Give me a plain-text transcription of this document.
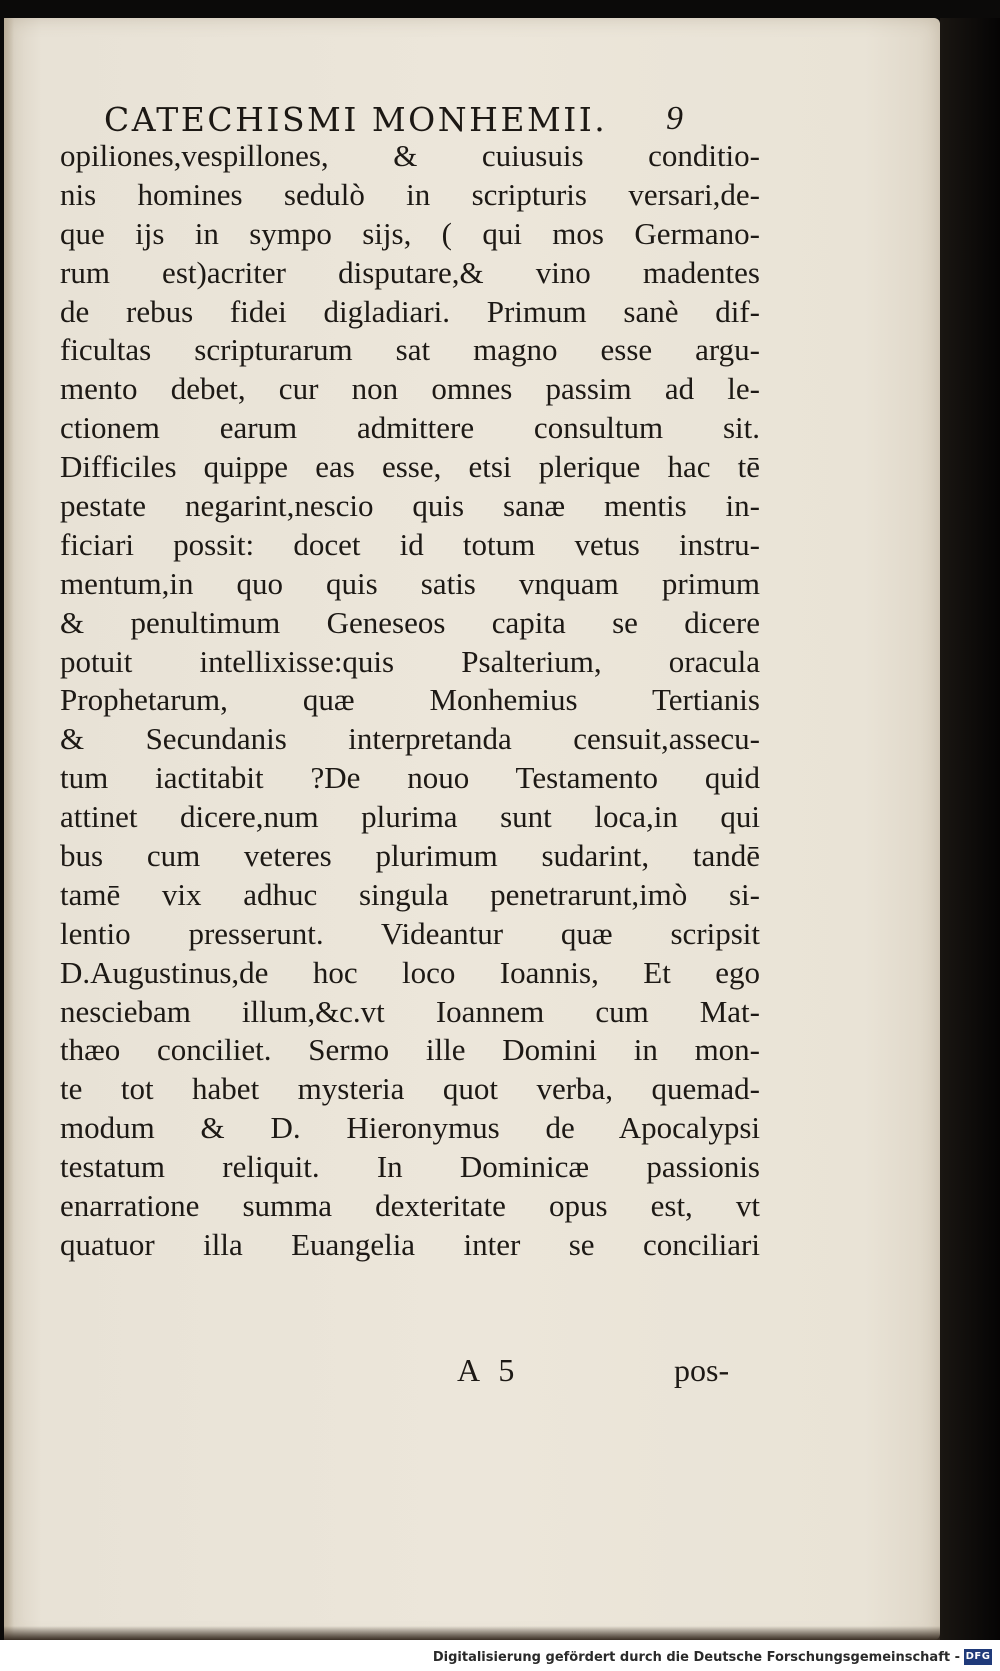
CATECHISMI MONHEMII.	9
opiliones,vespillones, & cuiusuis conditio-
nis homines sedulò in scripturis versari,de-
que ijs in sympo sijs, ( qui mos Germano-
rum est)acriter disputare,& vino madentes
de rebus fidei digladiari. Primum sanè dif-
ficultas scripturarum sat magno esse argu-
mento debet, cur non omnes passim ad le-
ctionem earum admittere consultum sit.
Difficiles quippe eas esse, etsi plerique hac tē
pestate negarint,nescio quis sanæ mentis in-
ficiari possit: docet id totum vetus instru-
mentum,in quo quis satis vnquam primum
& penultimum Geneseos capita se dicere
potuit intellixisse:quis Psalterium, oracula
Prophetarum, quæ Monhemius Tertianis
& Secundanis interpretanda censuit,assecu-
tum iactitabit ?De nouo Testamento quid
attinet dicere,num plurima sunt loca,in qui
bus cum veteres plurimum sudarint, tandē
tamē vix adhuc singula penetrarunt,imò si-
lentio presserunt. Videantur quæ scripsit
D.Augustinus,de hoc loco Ioannis, Et ego
nesciebam illum,&c.vt Ioannem cum Mat-
thæo conciliet. Sermo ille Domini in mon-
te tot habet mysteria quot verba, quemad-
modum & D. Hieronymus de Apocalypsi
testatum reliquit. In Dominicæ passionis
enarratione summa dexteritate opus est, vt
quatuor illa Euangelia inter se conciliari
A 5	pos-
Digitalisierung gefördert durch die Deutsche Forschungsgemeinschaft - DFG
